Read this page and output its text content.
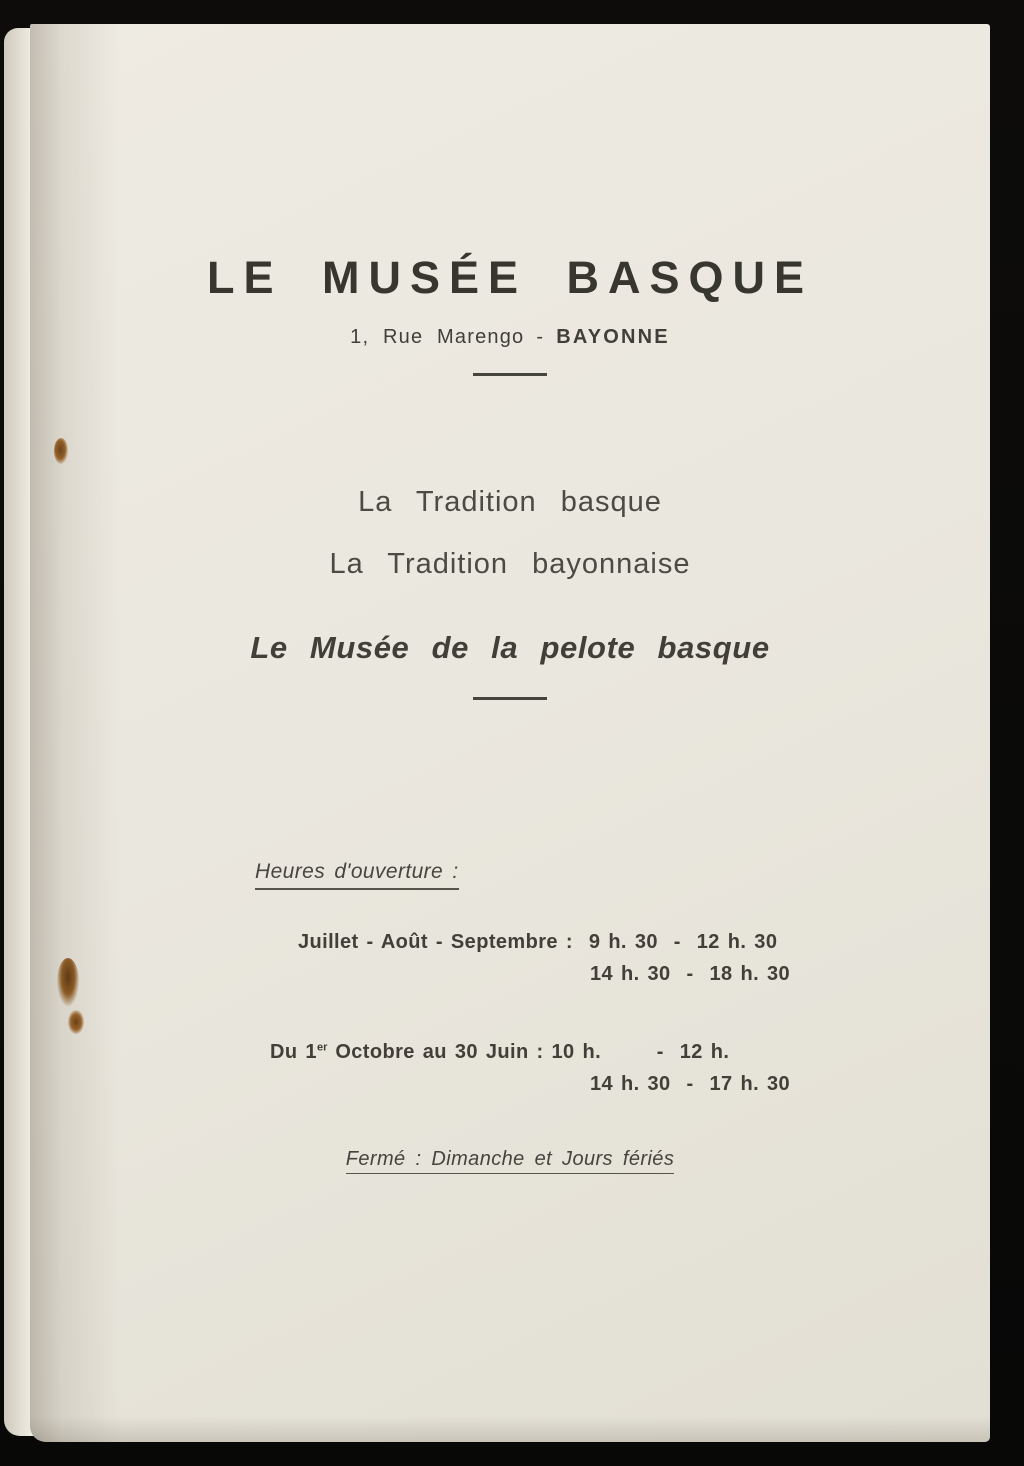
LE MUSÉE BASQUE
1, Rue Marengo - BAYONNE
La Tradition basque
La Tradition bayonnaise
Le Musée de la pelote basque
Heures d'ouverture :
Juillet - Août - Septembre :  9 h. 30  -  12 h. 30
14 h. 30  -  18 h. 30
Du 1er Octobre au 30 Juin : 10 h.       -  12 h.
14 h. 30  -  17 h. 30
Fermé : Dimanche et Jours fériés
